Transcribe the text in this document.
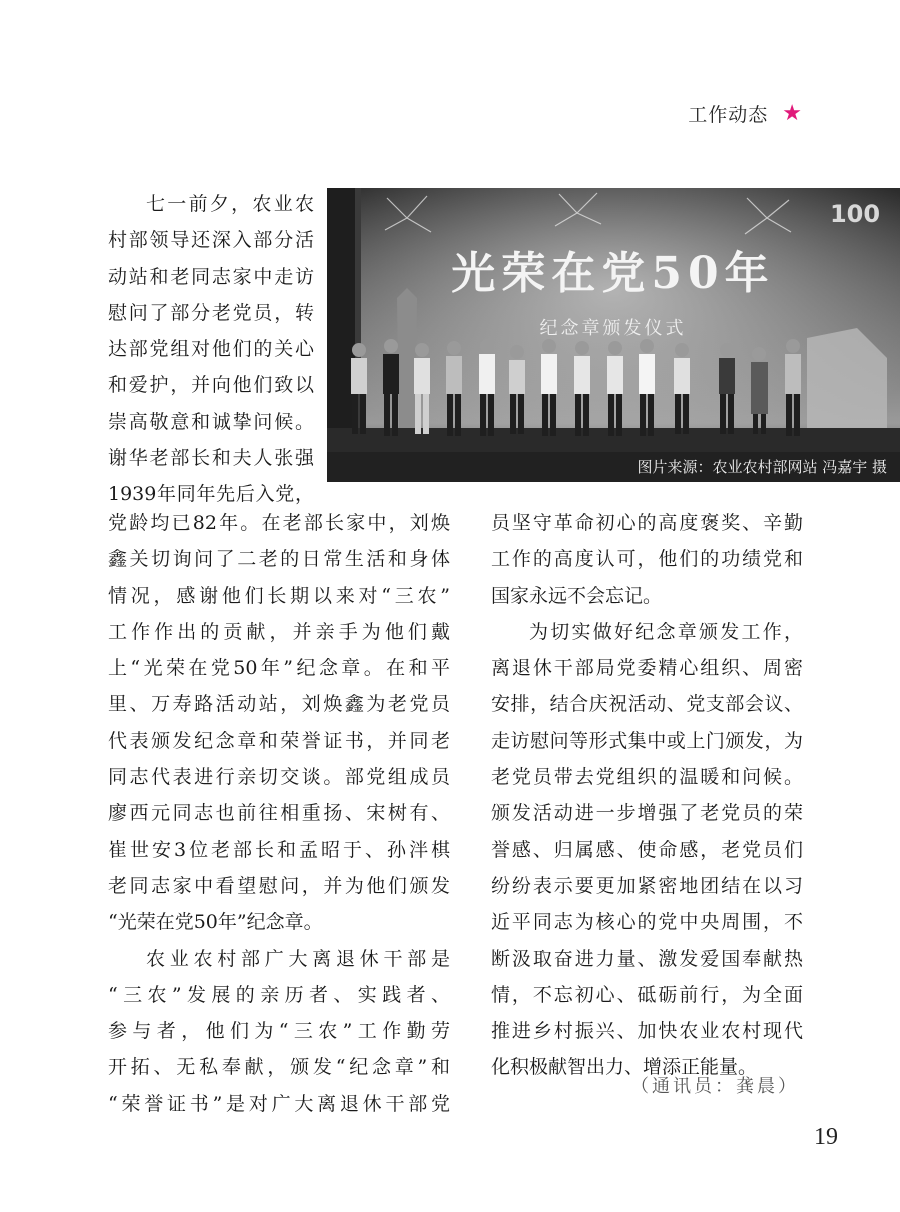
工作动态 ★
光荣在党50年
纪念章颁发仪式
100
图片来源：农业农村部网站 冯嘉宇 摄

七一前夕，农业农

村部领导还深入部分活

动站和老同志家中走访

慰问了部分老党员，转

达部党组对他们的关心

和爱护，并向他们致以

崇高敬意和诚挚问候。

谢华老部长和夫人张强

1939年同年先后入党，

党龄均已82年。在老部长家中，刘焕

鑫关切询问了二老的日常生活和身体

情况，感谢他们长期以来对“三农”

工作作出的贡献，并亲手为他们戴

上“光荣在党50年”纪念章。在和平

里、万寿路活动站，刘焕鑫为老党员

代表颁发纪念章和荣誉证书，并同老

同志代表进行亲切交谈。部党组成员

廖西元同志也前往相重扬、宋树有、

崔世安3位老部长和孟昭于、孙泮棋

老同志家中看望慰问，并为他们颁发

“光荣在党50年”纪念章。

农业农村部广大离退休干部是

“三农”发展的亲历者、实践者、

参与者，他们为“三农”工作勤劳

开拓、无私奉献，颁发“纪念章”和

“荣誉证书”是对广大离退休干部党

员坚守革命初心的高度褒奖、辛勤

工作的高度认可，他们的功绩党和

国家永远不会忘记。

为切实做好纪念章颁发工作，

离退休干部局党委精心组织、周密

安排，结合庆祝活动、党支部会议、

走访慰问等形式集中或上门颁发，为

老党员带去党组织的温暖和问候。

颁发活动进一步增强了老党员的荣

誉感、归属感、使命感，老党员们

纷纷表示要更加紧密地团结在以习

近平同志为核心的党中央周围，不

断汲取奋进力量、激发爱国奉献热

情，不忘初心、砥砺前行，为全面

推进乡村振兴、加快农业农村现代

化积极献智出力、增添正能量。

（通讯员：龚晨）
19
